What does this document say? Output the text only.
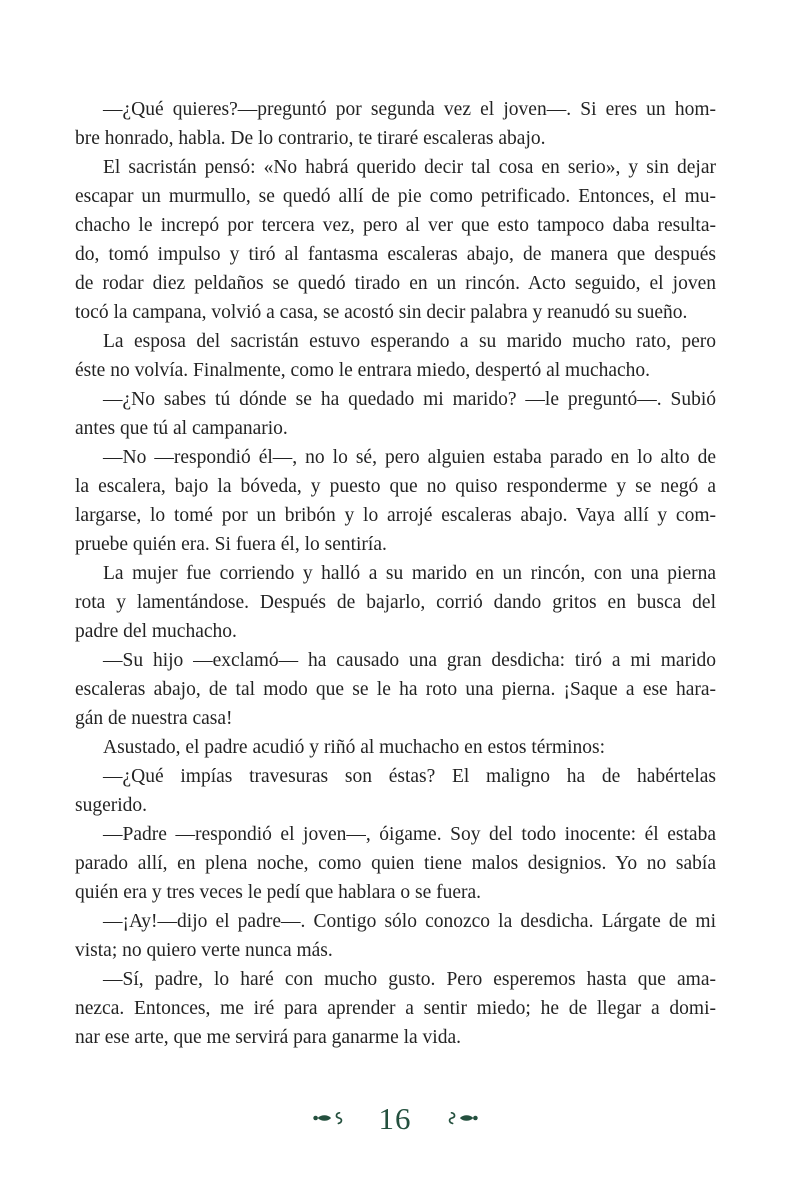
—¿Qué quieres?—preguntó por segunda vez el joven—. Si eres un hom-
bre honrado, habla. De lo contrario, te tiraré escaleras abajo.
El sacristán pensó: «No habrá querido decir tal cosa en serio», y sin dejar
escapar un murmullo, se quedó allí de pie como petrificado. Entonces, el mu-
chacho le increpó por tercera vez, pero al ver que esto tampoco daba resulta-
do, tomó impulso y tiró al fantasma escaleras abajo, de manera que después
de rodar diez peldaños se quedó tirado en un rincón. Acto seguido, el joven
tocó la campana, volvió a casa, se acostó sin decir palabra y reanudó su sueño.
La esposa del sacristán estuvo esperando a su marido mucho rato, pero
éste no volvía. Finalmente, como le entrara miedo, despertó al muchacho.
—¿No sabes tú dónde se ha quedado mi marido? —le preguntó—. Subió
antes que tú al campanario.
—No —respondió él—, no lo sé, pero alguien estaba parado en lo alto de
la escalera, bajo la bóveda, y puesto que no quiso responderme y se negó a
largarse, lo tomé por un bribón y lo arrojé escaleras abajo. Vaya allí y com-
pruebe quién era. Si fuera él, lo sentiría.
La mujer fue corriendo y halló a su marido en un rincón, con una pierna
rota y lamentándose. Después de bajarlo, corrió dando gritos en busca del
padre del muchacho.
—Su hijo —exclamó— ha causado una gran desdicha: tiró a mi marido
escaleras abajo, de tal modo que se le ha roto una pierna. ¡Saque a ese hara-
gán de nuestra casa!
Asustado, el padre acudió y riñó al muchacho en estos términos:
—¿Qué impías travesuras son éstas? El maligno ha de habértelas
sugerido.
—Padre —respondió el joven—, óigame. Soy del todo inocente: él estaba
parado allí, en plena noche, como quien tiene malos designios. Yo no sabía
quién era y tres veces le pedí que hablara o se fuera.
—¡Ay!—dijo el padre—. Contigo sólo conozco la desdicha. Lárgate de mi
vista; no quiero verte nunca más.
—Sí, padre, lo haré con mucho gusto. Pero esperemos hasta que ama-
nezca. Entonces, me iré para aprender a sentir miedo; he de llegar a domi-
nar ese arte, que me servirá para ganarme la vida.
16
